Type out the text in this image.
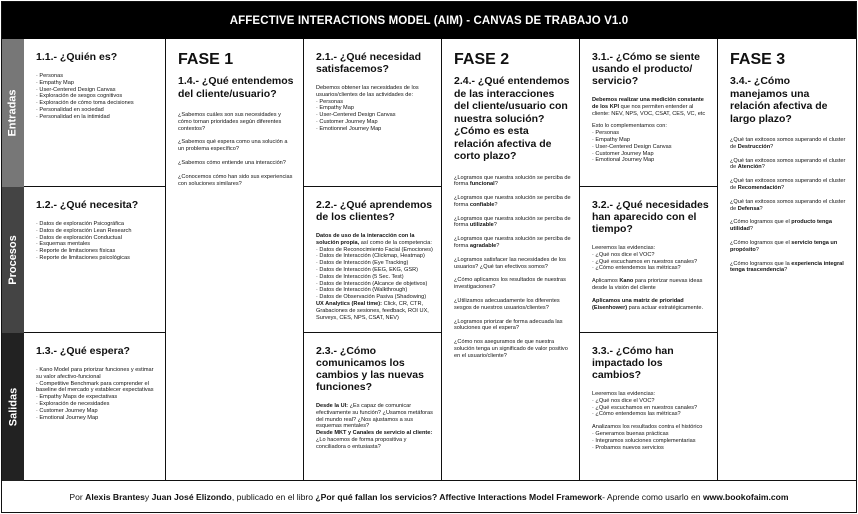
AFFECTIVE INTERACTIONS MODEL (AIM) - CANVAS DE TRABAJO V1.0
Entradas
Procesos
Salidas
1.1.- ¿Quién es?
· Personas
· Empathy Map
· User-Centered Design Canvas
· Exploración de sesgos cognitivos
· Exploración de cómo toma decisiones
· Personalidad en sociedad
· Personalidad en la intimidad
1.2.- ¿Qué necesita?
· Datos de exploración Psicográfica
· Datos de exploración Lean Research
· Datos de exploración Conductual
· Esquemas mentales
· Reporte de limitaciones físicas
· Reporte de limitaciones psicológicas
1.3.- ¿Qué espera?
· Kano Model para priorizar funciones y estimar su valor afectivo-funcional
· Competitive Benchmark para comprender el baseline del mercado y establecer expectativas
· Empathy Maps de expectativas
· Exploración de necesidades
· Customer Journey Map
· Emotional Journey Map
FASE 1
1.4.- ¿Qué entendemos del cliente/usuario?
¿Sabemos cuáles son sus necesidades y cómo tornan prioridades según diferentes contextos?
¿Sabemos qué espera como una solución a un problema específico?
¿Sabemos cómo entiende una interacción?
¿Conocemos cómo han sido sus experiencias con soluciones similares?
2.1.- ¿Qué necesidad satisfacemos?
Debemos obtener las necesidades de los usuarios/clientes de las actividades de:
· Personas
· Empathy Map
· User-Centered Design Canvas
· Customer Journey Map
· Emotionnel Journey Map
2.2.- ¿Qué aprendemos de los clientes?
Datos de uso de la interacción con la solución propia, así como de la competencia:
· Datos de Reconocimiento Facial (Emociones)
· Datos de Interacción (Clickmap, Heatmap)
· Datos de Interacción (Eye Tracking)
· Datos de Interacción (EEG, EKG, GSR)
· Datos de Interacción (5 Sec. Test)
· Datos de Interacción (Alcance de objetivos)
· Datos de Interacción (Walkthrough)
· Datos de Observación Pasiva (Shadowing)
UX Analytics (Real time): Click, CR, CTR, Grabaciones de sesiones, feedback, ROI UX, Surveys, CES, NPS, CSAT, NEV)
2.3.- ¿Cómo comunicamos los cambios y las nuevas funciones?
Desde la UI: ¿Es capaz de comunicar efectivamente su función? ¿Usamos metáforas del mundo real? ¿Nos ajustamos a sus esquemas mentales?
Desde MKT y Canales de servicio al cliente: ¿Lo hacemos de forma propositiva y conciliadora o entusiasta?
FASE 2
2.4.- ¿Qué entendemos de las interacciones del cliente/usuario con nuestra solución? ¿Cómo es esta relación afectiva de corto plazo?
¿Logramos que nuestra solución se perciba de forma funcional?
¿Logramos que nuestra solución se perciba de forma confiable?
¿Logramos que nuestra solución se perciba de forma utilizable?
¿Logramos que nuestra solución se perciba de forma agradable?
¿Logramos satisfacer las necesidades de los usuarios? ¿Qué tan efectivos somos?
¿Cómo aplicamos los resultados de nuestras investigaciones?
¿Utilizamos adecuadamente los diferentes sesgos de nuestros usuarios/clientes?
¿Logramos priorizar de forma adecuada las soluciones que el espera?
¿Cómo nos aseguramos de que nuestra solución tenga un significado de valor positivo en el usuario/cliente?
3.1.- ¿Cómo se siente usando el producto/ servicio?
Debemos realizar una medición constante de los KPI que nos permiten entender al cliente: NEV, NPS, VOC, CSAT, CES, VC, etc
Esto lo complementamos con:
· Personas
· Empathy Map
· User-Centered Design Canvas
· Customer Journey Map
· Emotional Journey Map
3.2.- ¿Qué necesidades han aparecido con el tiempo?
Leeremos las evidencias:
· ¿Qué nos dice el VOC?
· ¿Qué escuchamos en nuestros canales?
· ¿Cómo entendemos las métricas?
Aplicamos Kano para priorizar nuevas ideas desde la visión del cliente
Aplicamos una matriz de prioridad (Eisenhower) para actuar estratégicamente.
3.3.- ¿Cómo han impactado los cambios?
Leeremos las evidencias:
· ¿Qué nos dice el VOC?
· ¿Qué escuchamos en nuestros canales?
· ¿Cómo entendemos las métricas?
Analizamos los resultados contra el histórico
· Generamos buenas prácticas
· Integramos soluciones complementarias
· Probamos nuevos servicios
FASE 3
3.4.- ¿Cómo manejamos una relación afectiva de largo plazo?
¿Qué tan exitosos somos superando el cluster de Destrucción?
¿Qué tan exitosos somos superando el cluster de Atención?
¿Qué tan exitosos somos superando el cluster de Recomendación?
¿Qué tan exitosos somos superando el cluster de Defensa?
¿Cómo logramos que el producto tenga utilidad?
¿Cómo logramos que el servicio tenga un propósito?
¿Cómo logramos que la experiencia integral tenga trascendencia?
Por
Alexis Brantes y
Juan José Elizondo , publicado en el libro
¿Por qué fallan los servicios? Affective Interactions Model Framework - Aprende como usarlo en
www.bookofaim.com
